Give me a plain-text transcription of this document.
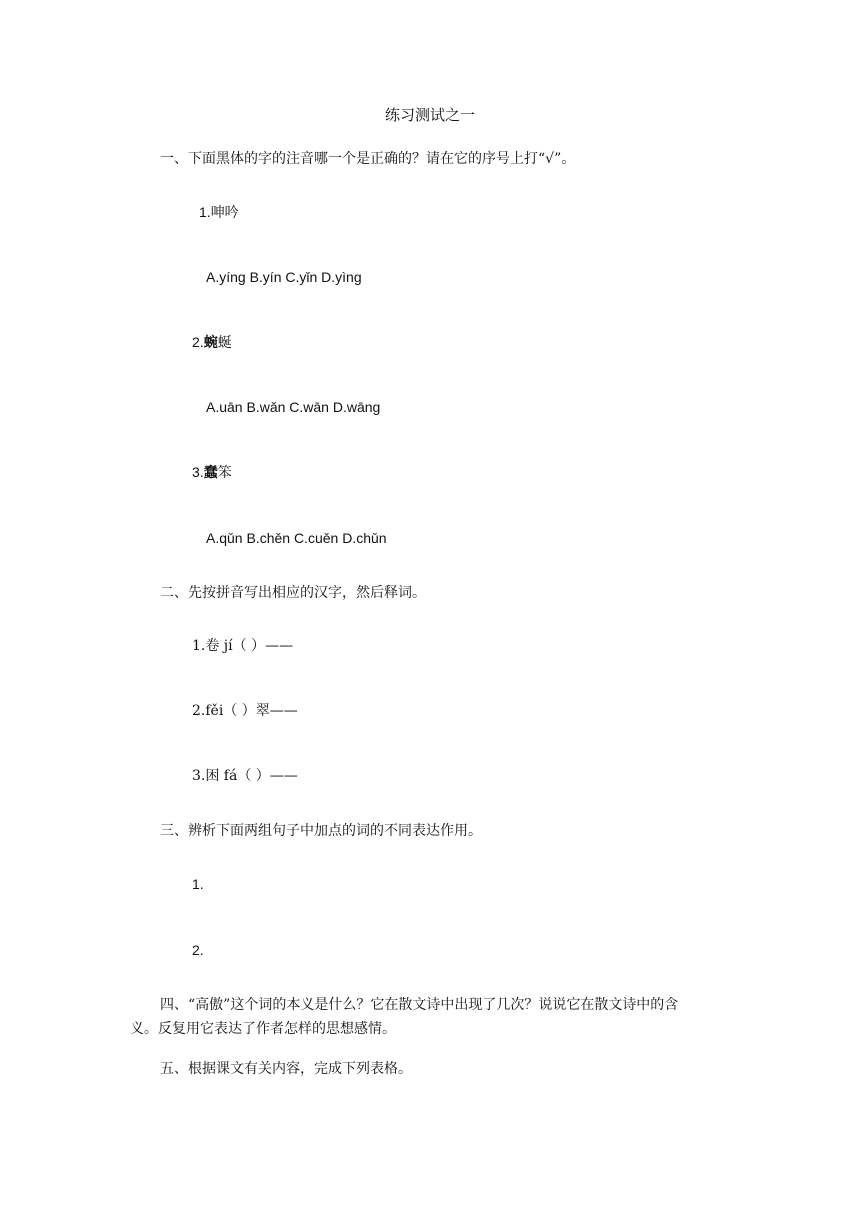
练习测试之一
一、下面黑体的字的注音哪一个是正确的？请在它的序号上打“√”。
1.呻吟
A.yíng B.yín C.yǐn D.yìng
2.蜿蜒
A.uān B.wǎn C.wān D.wāng
3.蠢笨
A.qǔn B.chěn C.cuěn D.chǔn
二、先按拼音写出相应的汉字，然后释词。
1.卷 jí（ ）——
2.fěi（ ）翠——
3.困 fá（ ）——
三、辨析下面两组句子中加点的词的不同表达作用。
1.
2.
四、“高傲”这个词的本义是什么？它在散文诗中出现了几次？说说它在散文诗中的含
义。反复用它表达了作者怎样的思想感情。
五、根据课文有关内容，完成下列表格。
